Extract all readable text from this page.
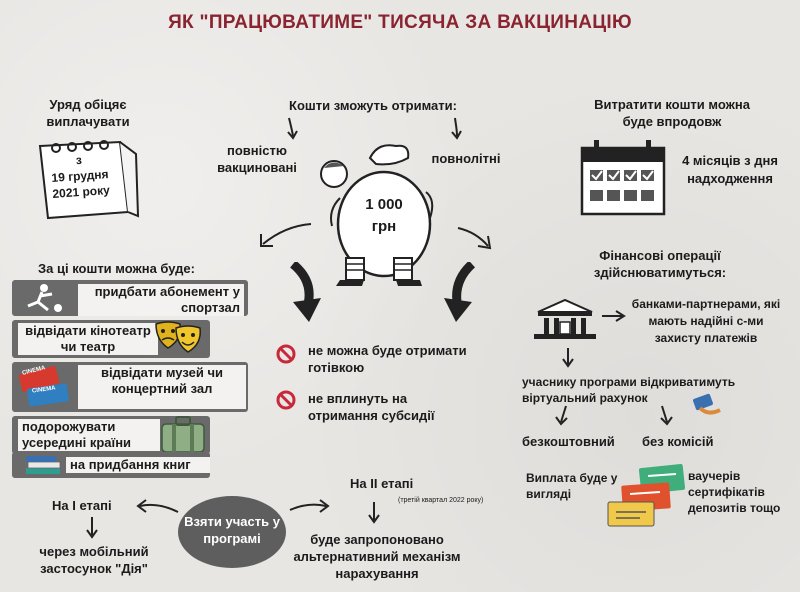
ЯК "ПРАЦЮВАТИМЕ" ТИСЯЧА ЗА ВАКЦИНАЦІЮ
Уряд обіцяє виплачувати
з
19 грудня
2021 року
Кошти зможуть отримати:
повністю вакциновані
повнолітні
1 000
грн
Витратити кошти можна буде впродовж
4 місяців з дня надходження
За ці кошти можна буде:
придбати абонемент у спортзал
відвідати кінотеатр чи театр
CINEMA
CINEMA
відвідати музей чи концертний зал
подорожувати усередині країни
на придбання книг
не можна буде отримати готівкою
не вплинуть на отримання субсидії
Фінансові операції здійснюватимуться:
банками-партнерами, які мають надійні с-ми захисту платежів
учаснику програми відкриватимуть віртуальний рахунок
безкоштовний	без комісій
Виплата буде у вигляді
ваучерів сертифікатів депозитів тощо
Взяти участь у програмі
На І етапі
через мобільний застосунок "Дія"
На ІІ етапі
(третій квартал 2022 року)
буде запропоновано альтернативний механізм нарахування
